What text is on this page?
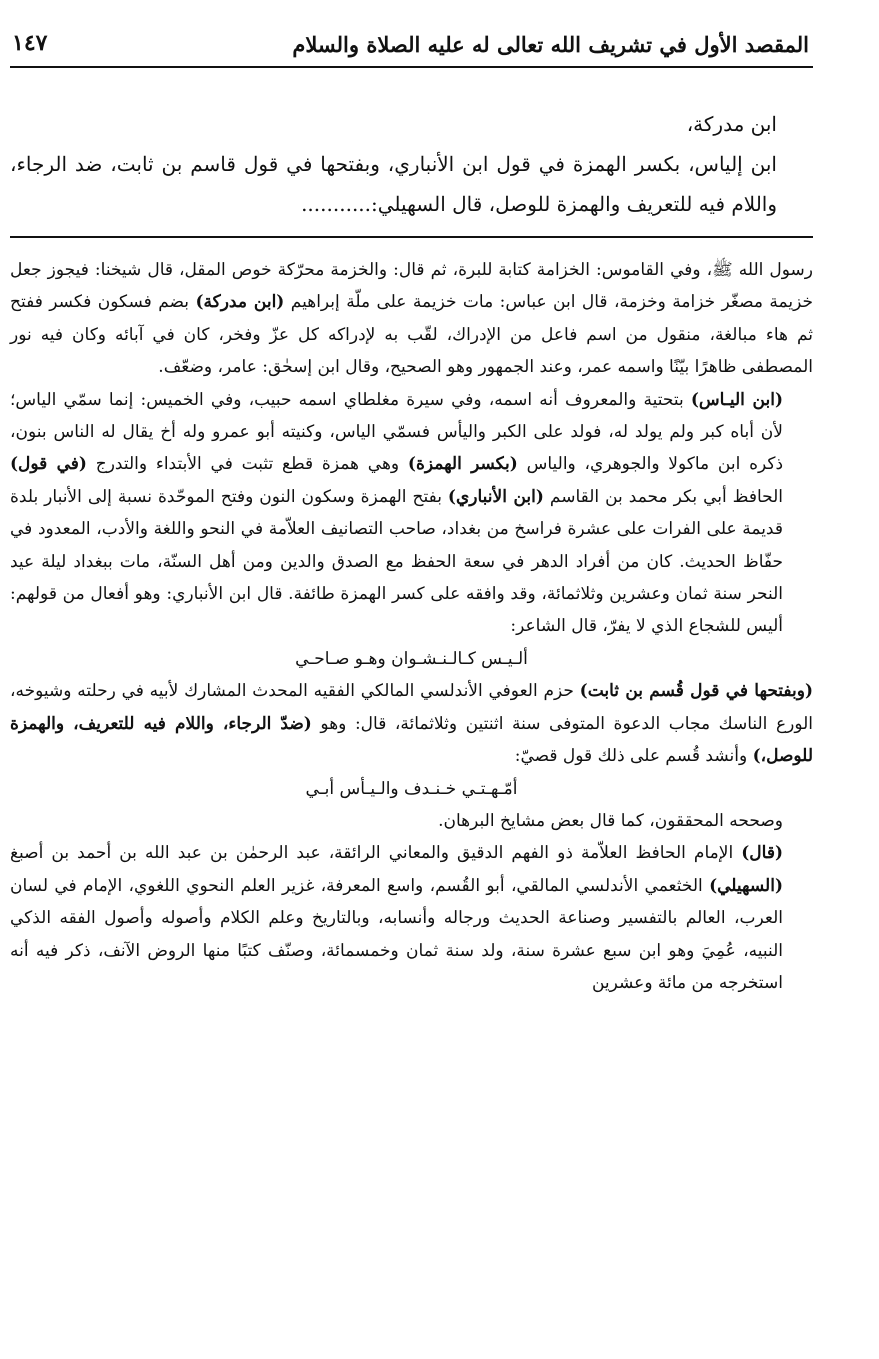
المقصد الأول في تشريف الله تعالى له عليه الصلاة والسلام
١٤٧

ابن مدركة،

ابن إلياس، بكسر الهمزة في قول ابن الأنباري، وبفتحها في قول قاسم بن ثابت، ضد الرجاء، واللام فيه للتعريف والهمزة للوصل، قال السهيلي:...........

رسول الله ﷺ، وفي القاموس: الخزامة كتابة للبرة، ثم قال: والخزمة محرّكة خوص المقل، قال شيخنا: فيجوز جعل خزيمة مصغّر خزامة وخزمة، قال ابن عباس: مات خزيمة على ملّة إبراهيم (ابن مدركة) بضم فسكون فكسر ففتح ثم هاء مبالغة، منقول من اسم فاعل من الإدراك، لقّب به لإدراكه كل عزّ وفخر، كان في آبائه وكان فيه نور المصطفى ظاهرًا بيّنًا واسمه عمر، وعند الجمهور وهو الصحيح، وقال ابن إسحٰق: عامر، وضعّف.

(ابن اليـاس) بتحتية والمعروف أنه اسمه، وفي سيرة مغلطاي اسمه حبيب، وفي الخميس: إنما سمّي الياس؛ لأن أباه كبر ولم يولد له، فولد على الكبر واليأس فسمّي الياس، وكنيته أبو عمرو وله أخ يقال له الناس بنون، ذكره ابن ماكولا والجوهري، والياس (بكسر الهمزة) وهي همزة قطع تثبت في الأبتداء والتدرج (في قول) الحافظ أبي بكر محمد بن القاسم (ابن الأنباري) بفتح الهمزة وسكون النون وفتح الموحّدة نسبة إلى الأنبار بلدة قديمة على الفرات على عشرة فراسخ من بغداد، صاحب التصانيف العلاّمة في النحو واللغة والأدب، المعدود في حفّاظ الحديث. كان من أفراد الدهر في سعة الحفظ مع الصدق والدين ومن أهل السنّة، مات ببغداد ليلة عيد النحر سنة ثمان وعشرين وثلاثمائة، وقد وافقه على كسر الهمزة طائفة. قال ابن الأنباري: وهو أفعال من قولهم: أليس للشجاع الذي لا يفرّ، قال الشاعر:

ألـيـس كـالـنـشـوان وهـو صـاحـي

(وبفتحها في قول قُسم بن ثابت) حزم العوفي الأندلسي المالكي الفقيه المحدث المشارك لأبيه في رحلته وشيوخه، الورع الناسك مجاب الدعوة المتوفى سنة اثنتين وثلاثمائة، قال: وهو (ضدّ الرجاء، واللام فيه للتعريف، والهمزة للوصل،) وأنشد قُسم على ذلك قول قصيّ:

أمّـهـتـي خـنـدف والـيـأس أبـي

وصححه المحققون، كما قال بعض مشايخ البرهان.

(قال) الإمام الحافظ العلاّمة ذو الفهم الدقيق والمعاني الرائقة، عبد الرحمٰن بن عبد الله بن أحمد بن أصبغ (السهيلي) الخثعمي الأندلسي المالقي، أبو القُسم، واسع المعرفة، غزير العلم النحوي اللغوي، الإمام في لسان العرب، العالم بالتفسير وصناعة الحديث ورجاله وأنسابه، وبالتاريخ وعلم الكلام وأصوله وأصول الفقه الذكي النبيه، عُمِيَ وهو ابن سبع عشرة سنة، ولد سنة ثمان وخمسمائة، وصنّف كتبًا منها الروض الآنف، ذكر فيه أنه استخرجه من مائة وعشرين
